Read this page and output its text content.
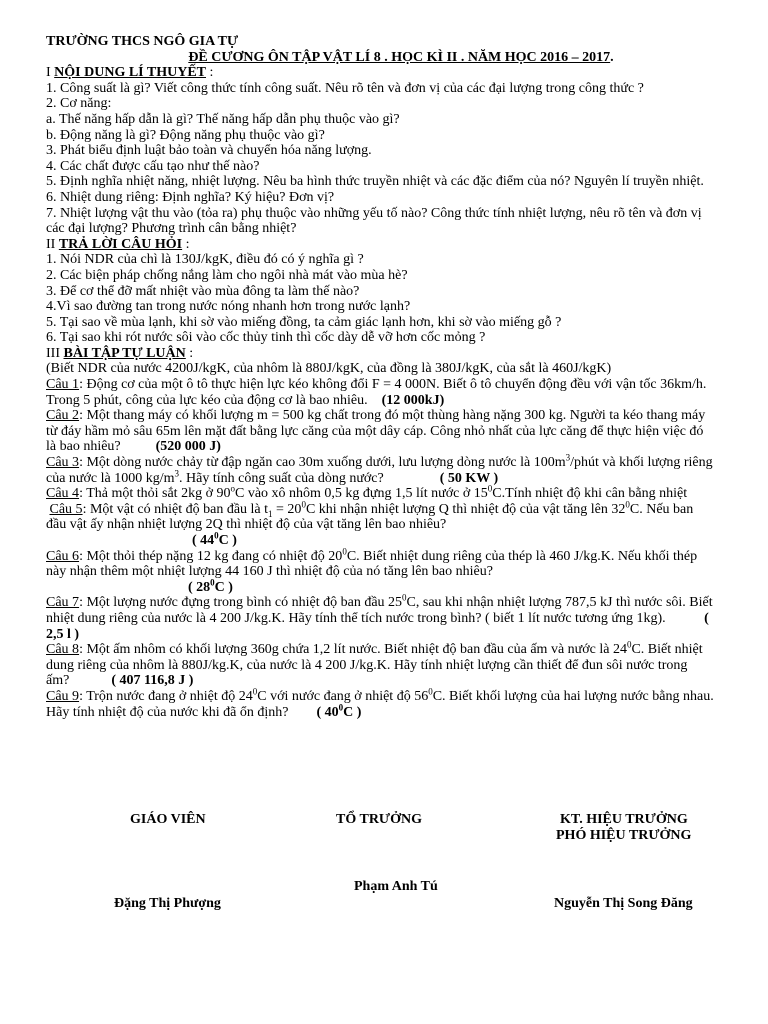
TRƯỜNG THCS NGÔ GIA TỰ
ĐỀ CƯƠNG ÔN TẬP VẬT LÍ 8 . HỌC KÌ II . NĂM HỌC 2016 – 2017.
I NỘI DUNG LÍ THUYẾT :
1. Công suất là gì? Viết công thức tính công suất. Nêu rõ tên và đơn vị của các đại lượng trong công thức ?
2. Cơ năng:
a. Thế năng hấp dẫn là gì? Thế năng hấp dẫn phụ thuộc vào gì?
b. Động năng là gì? Động năng phụ thuộc vào gì?
3. Phát biểu định luật bảo toàn và chuyển hóa năng lượng.
4. Các chất được cấu tạo như thế nào?
5. Định nghĩa nhiệt năng, nhiệt lượng. Nêu ba hình thức truyền nhiệt và các đặc điểm của nó? Nguyên lí truyền nhiệt.
6. Nhiệt dung riêng: Định nghĩa? Ký hiệu? Đơn vị?
7. Nhiệt lượng vật thu vào (tỏa ra) phụ thuộc vào những yếu tố nào? Công thức tính nhiệt lượng, nêu rõ tên và đơn vị các đại lượng? Phương trình cân bằng nhiệt?
II TRẢ LỜI CÂU HỎI :
1. Nói NDR của chì là 130J/kgK, điều đó có ý nghĩa gì ?
2. Các biện pháp chống nắng làm cho ngôi nhà mát vào mùa hè?
3. Để cơ thể đỡ mất nhiệt vào mùa đông ta làm thế nào?
4.Vì sao đường tan trong nước nóng nhanh hơn trong nước lạnh?
5. Tại sao về mùa lạnh, khi sờ vào miếng đồng, ta cảm giác lạnh hơn, khi sờ vào miếng gỗ ?
6. Tại sao khi rót nước sôi vào cốc thủy tinh thì cốc dày dễ vỡ hơn cốc mỏng ?
III BÀI TẬP TỰ LUẬN :
(Biết NDR của nước 4200J/kgK, của nhôm là 880J/kgK, của đồng là 380J/kgK, của sắt là 460J/kgK)
Câu 1: Động cơ của một ô tô thực hiện lực kéo không đổi F = 4 000N. Biết ô tô chuyển động đều với vận tốc 36km/h. Trong 5 phút, công của lực kéo của động cơ là bao nhiêu. (12 000kJ)
Câu 2: Một thang máy có khối lượng m = 500 kg chất trong đó một thùng hàng nặng 300 kg. Người ta kéo thang máy từ đáy hầm mỏ sâu 65m lên mặt đất bằng lực căng của một dây cáp. Công nhỏ nhất của lực căng để thực hiện việc đó là bao nhiêu?	(520 000 J)
Câu 3: Một dòng nước chảy từ đập ngăn cao 30m xuống dưới, lưu lượng dòng nước là $100m^3$/phút và khối lượng riêng của nước là 1000 $kg/m^3$. Hãy tính công suất của dòng nước?	( 50 KW )
Câu 4: Thả một thỏi sắt 2kg ở 90$^o$C vào xô nhôm 0,5 kg đựng 1,5 lít nước ở $15^0C.Tính$ nhiệt độ khi cân bằng nhiệt
Câu 5: Một vật có nhiệt độ ban đầu là $t_1 = 20^0C$ khi nhận nhiệt lượng Q thì nhiệt độ của vật tăng lên $32^0C$. Nếu ban đầu vật ấy nhận nhiệt lượng 2Q thì nhiệt độ của vật tăng lên bao nhiêu?
( $44^0C$ )
Câu 6: Một thỏi thép nặng 12 kg đang có nhiệt độ $20^0C$. Biết nhiệt dung riêng của thép là 460 J/kg.K. Nếu khối thép này nhận thêm một nhiệt lượng 44 160 J thì nhiệt độ của nó tăng lên bao nhiêu?
( $28^0C$ )
Câu 7: Một lượng nước đựng trong bình có nhiệt độ ban đầu $25^0C$, sau khi nhận nhiệt lượng 787,5 kJ thì nước sôi. Biết nhiệt dung riêng của nước là 4 200 J/kg.K. Hãy tính thể tích nước trong bình? ( biết 1 lít nước tương ứng 1kg).	( 2,5 l )
Câu 8: Một ấm nhôm có khối lượng 360g chứa 1,2 lít nước. Biết nhiệt độ ban đầu của ấm và nước là $24^0C$. Biết nhiệt dung riêng của nhôm là 880J/kg.K, của nước là 4 200 J/kg.K. Hãy tính nhiệt lượng cần thiết để đun sôi nước trong ấm?	( 407 116,8 J )
Câu 9: Trộn nước đang ở nhiệt độ $24^0C$ với nước đang ở nhiệt độ $56^0C$. Biết khối lượng của hai lượng nước bằng nhau. Hãy tính nhiệt độ của nước khi đã ổn định? ( $40^0C$ )
GIÁO VIÊN	TỔ TRƯỞNG	KT. HIỆU TRƯỞNG
PHÓ HIỆU TRƯỞNG
Phạm Anh Tú
Đặng Thị Phượng	Nguyễn Thị Song Đăng
